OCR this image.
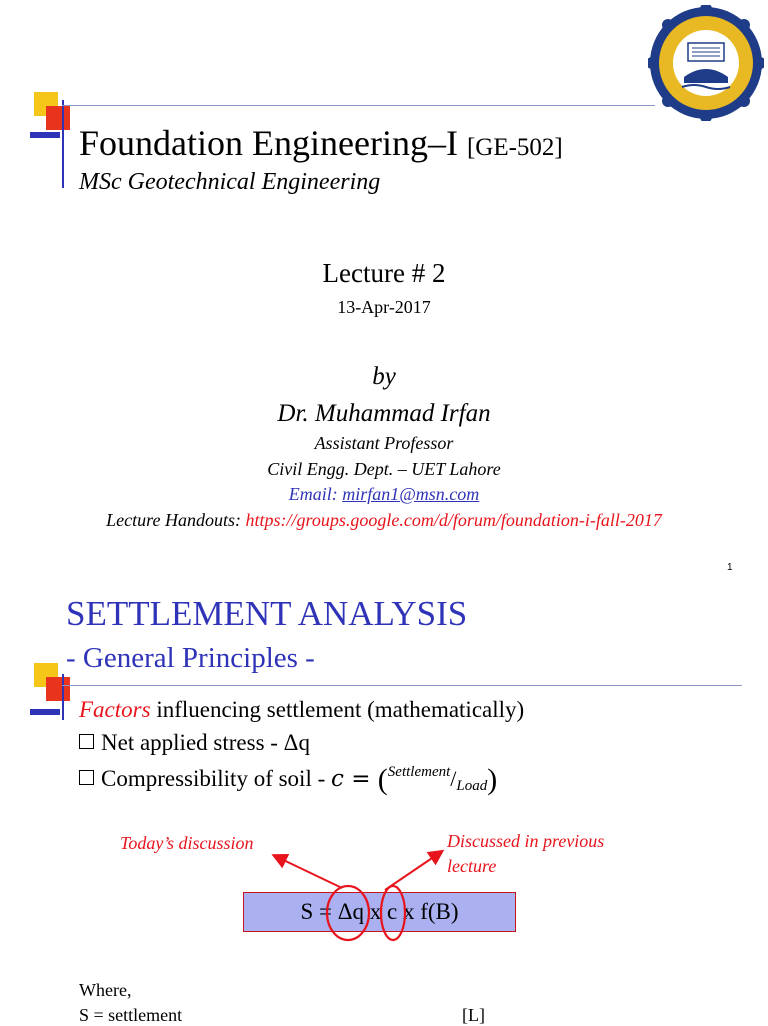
Foundation Engineering–I [GE-502]
MSc Geotechnical Engineering
Lecture # 2
13-Apr-2017
by
Dr. Muhammad Irfan
Assistant Professor
Civil Engg. Dept. – UET Lahore
Email: mirfan1@msn.com
Lecture Handouts: https://groups.google.com/d/forum/foundation-i-fall-2017
1
SETTLEMENT ANALYSIS
- General Principles -
Factors influencing settlement (mathematically)
Net applied stress - Δq
Compressibility of soil - c = ($^{Settlement}$/Load)
Today’s discussion	Discussed in previous
lecture
S = Δq x c x f(B)
Where,
S = settlement	[L]
